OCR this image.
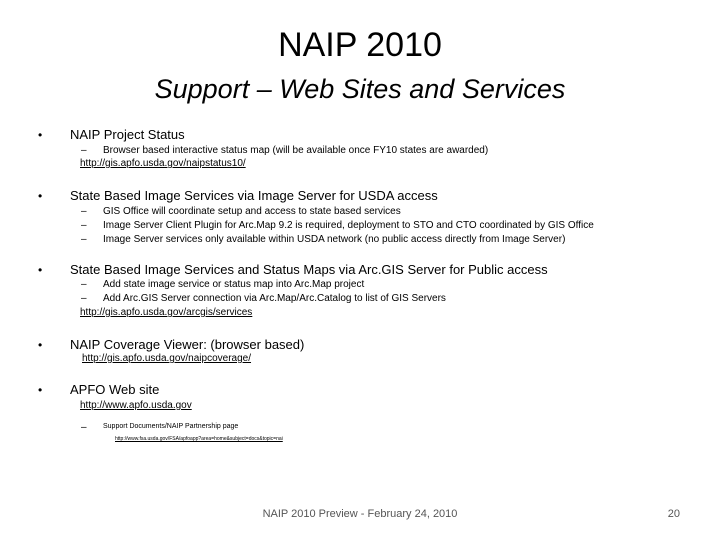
NAIP 2010
Support – Web Sites and Services
• NAIP Project Status
– Browser based interactive status map (will be available once FY10 states are awarded)
http://gis.apfo.usda.gov/naipstatus10/
• State Based Image Services via Image Server for USDA access
– GIS Office will coordinate setup and access to state based services
– Image Server Client Plugin for Arc.Map 9.2 is required, deployment to STO and CTO coordinated by GIS Office
– Image Server services only available within USDA network (no public access directly from Image Server)
• State Based Image Services and Status Maps via Arc.GIS Server for Public access
– Add state image service or status map into Arc.Map project
– Add Arc.GIS Server connection via Arc.Map/Arc.Catalog to list of GIS Servers
http://gis.apfo.usda.gov/arcgis/services
• NAIP Coverage Viewer: (browser based)
http://gis.apfo.usda.gov/naipcoverage/
• APFO Web site
http://www.apfo.usda.gov
– Support Documents/NAIP Partnership page
http://www.fsa.usda.gov/FSA/apfoapp?area=home&subject=docs&topic=nai
NAIP 2010 Preview - February 24, 2010	20
